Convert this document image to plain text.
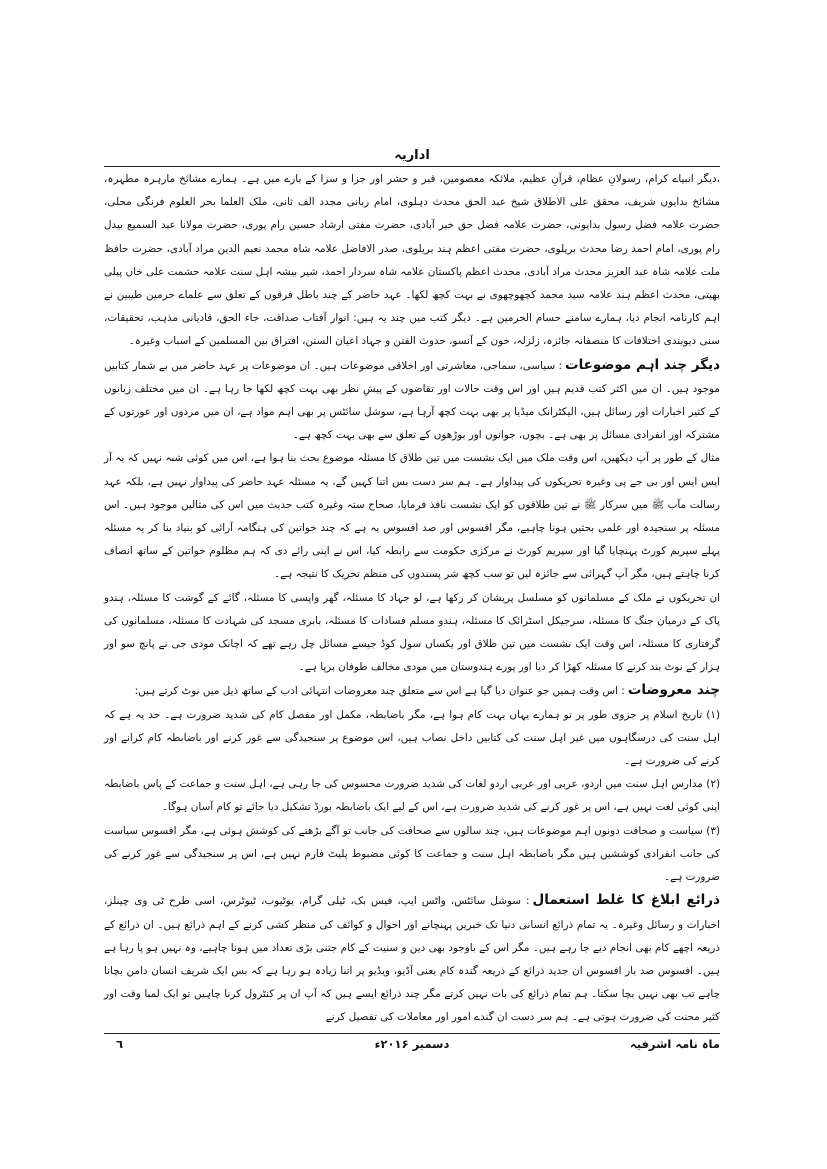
اداریہ

،دیگر انبیاے کرام، رسولانِ عظام، قرآنِ عظیم، ملائکہ معصومین، قبر و حشر اور جزا و سزا کے بارے میں ہے۔ ہمارے مشائخ مارہرہ مطہرہ، مشائخ بدایوں شریف، محقق علی الاطلاق شیخ عبد الحق محدث دہلوی، امام ربانی مجدد الف ثانی، ملک العلما بحر العلوم فرنگی محلی، حضرت علامہ فضل رسول بدایونی، حضرت علامہ فضل حق خیر آبادی، حضرت مفتی ارشاد حسین رام پوری، حضرت مولانا عبد السمیع بیدل رام پوری، امام احمد رضا محدث بریلوی، حضرت مفتی اعظم ہند بریلوی، صدر الافاضل علامہ شاہ محمد نعیم الدین مراد آبادی، حضرت حافظ ملت علامہ شاہ عبد العزیز محدث مراد آبادی، محدث اعظم پاکستان علامہ شاہ سردار احمد، شیر بیشہ اہل سنت علامہ حشمت علی خاں پیلی بھیتی، محدث اعظم ہند علامہ سید محمد کچھوچھوی نے بہت کچھ لکھا۔ عہد حاضر کے چند باطل فرقوں کے تعلق سے علماے حرمین طیبین نے اہم کارنامہ انجام دیا، ہمارے سامنے حسام الحرمین ہے۔ دیگر کتب میں چند یہ ہیں: انوار آفتاب صداقت، جاء الحق، قادیانی مذہب، تحقیقات، سنی دیوبندی اختلافات کا منصفانہ جائزہ، زلزلہ، خون کے آنسو، حدوث الفتن و جہاد اعیان السنن، افتراق بین المسلمین کے اسباب وغیرہ۔

دیگر چند اہم موضوعات: سیاسی، سماجی، معاشرتی اور اخلاقی موضوعات ہیں۔ ان موضوعات پر عہد حاضر میں بے شمار کتابیں موجود ہیں۔ ان میں اکثر کتب قدیم ہیں اور اس وقت حالات اور تقاضوں کے پیشِ نظر بھی بہت کچھ لکھا جا رہا ہے۔ ان میں مختلف زبانوں کے کثیر اخبارات اور رسائل ہیں، الیکٹرانک میڈیا پر بھی بہت کچھ آرہا ہے، سوشل سائٹس پر بھی اہم مواد ہے، ان میں مردوں اور عورتوں کے مشترکہ اور انفرادی مسائل پر بھی ہے۔ بچوں، جوانوں اور بوڑھوں کے تعلق سے بھی بہت کچھ ہے۔

مثال کے طور پر آپ دیکھیں، اس وقت ملک میں ایک نشست میں تین طلاق کا مسئلہ موضوع بحث بنا ہوا ہے، اس میں کوئی شبہ نہیں کہ یہ آر ایس ایس اور بی جے پی وغیرہ تحریکوں کی پیداوار ہے۔ ہم سر دست بس اتنا کہیں گے، یہ مسئلہ عہد حاضر کی پیداوار نہیں ہے، بلکہ عہد رسالت مآب ﷺ میں سرکار ﷺ نے تین طلاقوں کو ایک نشست نافذ فرمایا، صحاح ستہ وغیرہ کتب حدیث میں اس کی مثالیں موجود ہیں۔ اس مسئلہ پر سنجیدہ اور علمی بحثیں ہونا چاہیے، مگر افسوس اور صد افسوس یہ ہے کہ چند خواتین کی ہنگامہ آرائی کو بنیاد بنا کر یہ مسئلہ پہلے سپریم کورٹ پہنچایا گیا اور سپریم کورٹ نے مرکزی حکومت سے رابطہ کیا، اس نے اپنی رائے دی کہ ہم مظلوم خواتین کے ساتھ انصاف کرنا چاہتے ہیں، مگر آپ گہرائی سے جائزہ لیں تو سب کچھ شر پسندوں کی منظم تحریک کا نتیجہ ہے۔

ان تحریکوں نے ملک کے مسلمانوں کو مسلسل پریشان کر رکھا ہے، لو جہاد کا مسئلہ، گھر واپسی کا مسئلہ، گائے کے گوشت کا مسئلہ، ہندو پاک کے درمیان جنگ کا مسئلہ، سرجیکل اسٹرائک کا مسئلہ، ہندو مسلم فسادات کا مسئلہ، بابری مسجد کی شہادت کا مسئلہ، مسلمانوں کی گرفتاری کا مسئلہ، اس وقت ایک نشست میں تین طلاق اور یکساں سول کوڈ جیسے مسائل چل رہے تھے کہ اچانک مودی جی نے پانچ سو اور ہزار کے نوٹ بند کرنے کا مسئلہ کھڑا کر دیا اور پورے ہندوستان میں مودی مخالف طوفان برپا ہے۔

چند معروضات: اس وقت ہمیں جو عنوان دیا گیا ہے اس سے متعلق چند معروضات انتہائی ادب کے ساتھ ذیل میں نوٹ کرتے ہیں:

(۱) تاریخ اسلام پر جزوی طور پر تو ہمارے یہاں بہت کام ہوا ہے، مگر باضابطہ، مکمل اور مفصل کام کی شدید ضرورت ہے۔ حد یہ ہے کہ اہل سنت کی درسگاہوں میں غیر اہل سنت کی کتابیں داخل نصاب ہیں، اس موضوع پر سنجیدگی سے غور کرنے اور باضابطہ کام کرانے اور کرنے کی ضرورت ہے۔

(۲) مدارس اہل سنت میں اردو، عربی اور عربی اردو لغات کی شدید ضرورت محسوس کی جا رہی ہے، اہل سنت و جماعت کے پاس باضابطہ اپنی کوئی لغت نہیں ہے، اس پر غور کرنے کی شدید ضرورت ہے، اس کے لیے ایک باضابطہ بورڈ تشکیل دیا جائے تو کام آسان ہوگا۔

(۳) سیاست و صحافت دونوں اہم موضوعات ہیں، چند سالوں سے صحافت کی جانب تو آگے بڑھنے کی کوشش ہوئی ہے، مگر افسوس سیاست کی جانب انفرادی کوششیں ہیں مگر باضابطہ اہل سنت و جماعت کا کوئی مضبوط پلیٹ فارم نہیں ہے، اس پر سنجیدگی سے غور کرنے کی ضرورت ہے۔

ذرائع ابلاغ کا غلط استعمال: سوشل سائٹس، واٹس ایپ، فیس بک، ٹیلی گرام، یوٹیوب، ٹیوٹرس، اسی طرح ٹی وی چینلز، اخبارات و رسائل وغیرہ۔ یہ تمام ذرائع انسانی دنیا تک خبریں پہنچانے اور احوال و کوائف کی منظر کشی کرنے کے اہم ذرائع ہیں۔ ان ذرائع کے ذریعہ اچھے کام بھی انجام دیے جا رہے ہیں۔ مگر اس کے باوجود بھی دین و سنیت کے کام جتنی بڑی تعداد میں ہونا چاہیے، وہ نہیں ہو پا رہا ہے ہیں۔ افسوس صد بار افسوس ان جدید ذرائع کے ذریعہ گندہ کام یعنی آڈیو، ویڈیو پر اتنا زیادہ ہو رہا ہے کہ بس ایک شریف انسان دامن بچانا چاہے تب بھی نہیں بچا سکتا۔ ہم تمام ذرائع کی بات نہیں کرتے مگر چند ذرائع ایسے ہیں کہ آپ ان پر کنٹرول کرنا چاہیں تو ایک لمبا وقت اور کثیر محنت کی ضرورت ہوتی ہے۔ ہم سر دست ان گندے امور اور معاملات کی تفصیل کرنے

ماہ نامہ اشرفیہ
دسمبر ۲۰۱۶ء
٦
